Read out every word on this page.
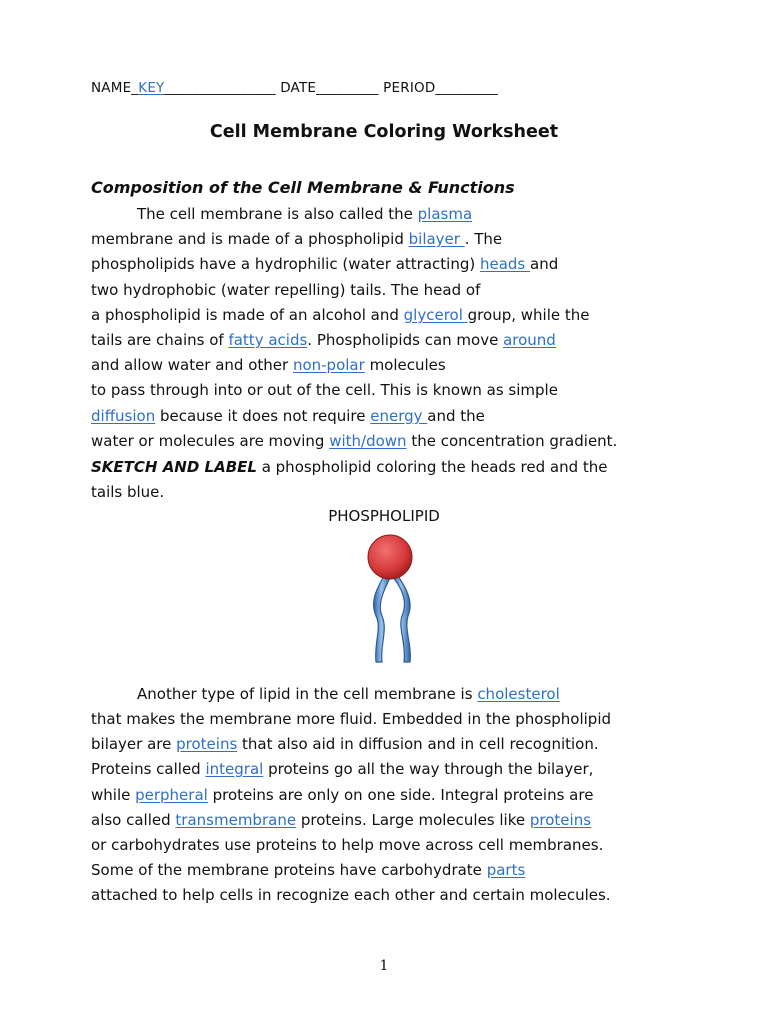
NAME_KEY________________ DATE_________ PERIOD_________
Cell Membrane Coloring Worksheet
Composition of the Cell Membrane & Functions
The cell membrane is also called the plasma
membrane and is made of a phospholipid bilayer . The
phospholipids have a hydrophilic (water attracting) heads and
two hydrophobic (water repelling) tails. The head of
a phospholipid is made of an alcohol and glycerol group, while the
tails are chains of fatty acids. Phospholipids can move around
and allow water and other non-polar molecules
to pass through into or out of the cell. This is known as simple
diffusion because it does not require energy and the
water or molecules are moving with/down the concentration gradient.
SKETCH AND LABEL a phospholipid coloring the heads red and the
tails blue.
PHOSPHOLIPID
Another type of lipid in the cell membrane is cholesterol
that makes the membrane more fluid. Embedded in the phospholipid
bilayer are proteins that also aid in diffusion and in cell recognition.
Proteins called integral proteins go all the way through the bilayer,
while perpheral proteins are only on one side. Integral proteins are
also called transmembrane proteins. Large molecules like proteins
or carbohydrates use proteins to help move across cell membranes.
Some of the membrane proteins have carbohydrate parts
attached to help cells in recognize each other and certain molecules.
1
